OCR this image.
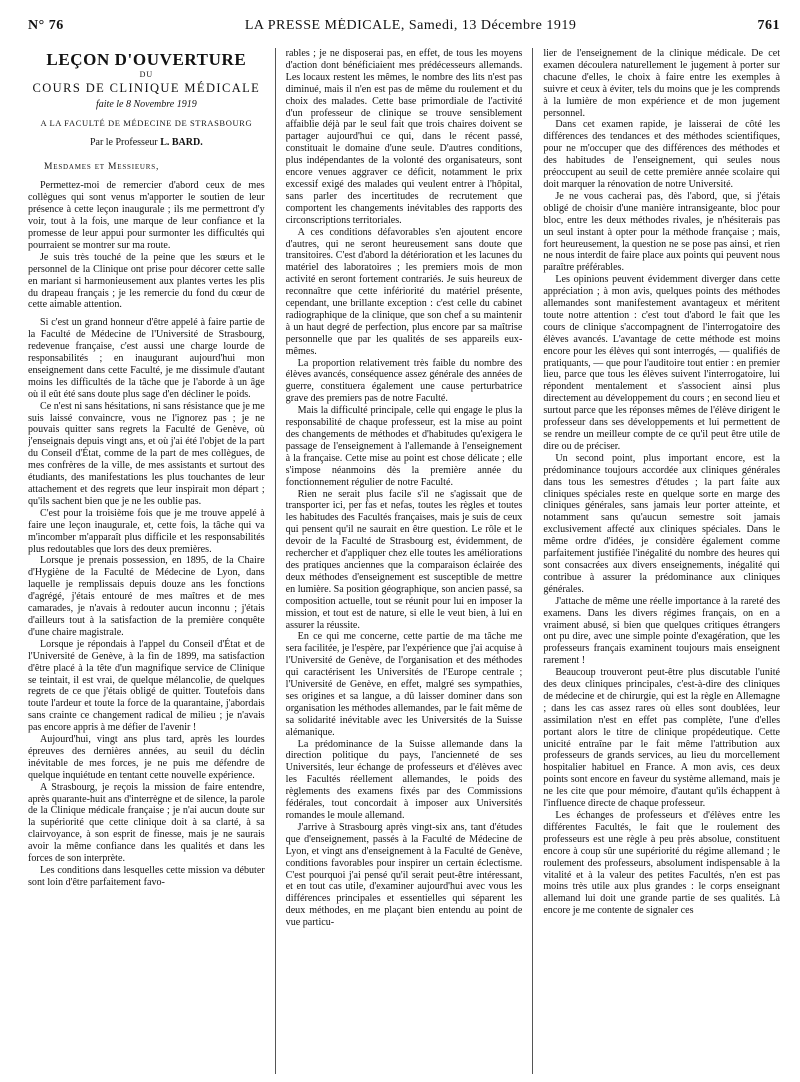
N° 76	LA PRESSE MÉDICALE, Samedi, 13 Décembre 1919	761
LEÇON D'OUVERTURE
DU
COURS DE CLINIQUE MÉDICALE
faite le 8 Novembre 1919
A LA FACULTÉ DE MÉDECINE DE STRASBOURG
Par le Professeur L. BARD.
Mesdames et Messieurs,

Permettez-moi de remercier d'abord ceux de mes collègues qui sont venus m'apporter le soutien de leur présence à cette leçon inaugurale ; ils me permettront d'y voir, tout à la fois, une marque de leur confiance et la promesse de leur appui pour surmonter les difficultés qui pourraient se montrer sur ma route.

Je suis très touché de la peine que les sœurs et le personnel de la Clinique ont prise pour décorer cette salle en mariant si harmonieusement aux plantes vertes les plis du drapeau français ; je les remercie du fond du cœur de cette aimable attention.

Si c'est un grand honneur d'être appelé à faire partie de la Faculté de Médecine de l'Université de Strasbourg, redevenue française, c'est aussi une charge lourde de responsabilités ; en inaugurant aujourd'hui mon enseignement dans cette Faculté, je me dissimule d'autant moins les difficultés de la tâche que je l'aborde à un âge où il eût été sans doute plus sage d'en décliner le poids.

Ce n'est ni sans hésitations, ni sans résistance que je me suis laissé convaincre, vous ne l'ignorez pas ; je ne pouvais quitter sans regrets la Faculté de Genève, où j'enseignais depuis vingt ans, et où j'ai été l'objet de la part du Conseil d'État, comme de la part de mes collègues, de mes confrères de la ville, de mes assistants et surtout des étudiants, des manifestations les plus touchantes de leur attachement et des regrets que leur inspirait mon départ ; qu'ils sachent bien que je ne les oublie pas.

C'est pour la troisième fois que je me trouve appelé à faire une leçon inaugurale, et, cette fois, la tâche qui va m'incomber m'apparaît plus difficile et les responsabilités plus redoutables que lors des deux premières.

Lorsque je prenais possession, en 1895, de la Chaire d'Hygiène de la Faculté de Médecine de Lyon, dans laquelle je remplissais depuis douze ans les fonctions d'agrégé, j'étais entouré de mes maîtres et de mes camarades, je n'avais à redouter aucun inconnu ; j'étais d'ailleurs tout à la satisfaction de la première conquête d'une chaire magistrale.

Lorsque je répondais à l'appel du Conseil d'État et de l'Université de Genève, à la fin de 1899, ma satisfaction d'être placé à la tête d'un magnifique service de Clinique se teintait, il est vrai, de quelque mélancolie, de quelques regrets de ce que j'étais obligé de quitter. Toutefois dans toute l'ardeur et toute la force de la quarantaine, j'abordais sans crainte ce changement radical de milieu ; je n'avais pas encore appris à me défier de l'avenir !

Aujourd'hui, vingt ans plus tard, après les lourdes épreuves des dernières années, au seuil du déclin inévitable de mes forces, je ne puis me défendre de quelque inquiétude en tentant cette nouvelle expérience.

A Strasbourg, je reçois la mission de faire entendre, après quarante-huit ans d'interrègne et de silence, la parole de la Clinique médicale française ; je n'ai aucun doute sur la supériorité que cette clinique doit à sa clarté, à sa clairvoyance, à son esprit de finesse, mais je ne saurais avoir la même confiance dans les qualités et dans les forces de son interprète.

Les conditions dans lesquelles cette mission va débuter sont loin d'être parfaitement favo-

rables ; je ne disposerai pas, en effet, de tous les moyens d'action dont bénéficiaient mes prédécesseurs allemands. Les locaux restent les mêmes, le nombre des lits n'est pas diminué, mais il n'en est pas de même du roulement et du choix des malades. Cette base primordiale de l'activité d'un professeur de clinique se trouve sensiblement affaiblie déjà par le seul fait que trois chaires doivent se partager aujourd'hui ce qui, dans le récent passé, constituait le domaine d'une seule. D'autres conditions, plus indépendantes de la volonté des organisateurs, sont encore venues aggraver ce déficit, notamment le prix excessif exigé des malades qui veulent entrer à l'hôpital, sans parler des incertitudes de recrutement que comportent les changements inévitables des rapports des circonscriptions territoriales.

A ces conditions défavorables s'en ajoutent encore d'autres, qui ne seront heureusement sans doute que transitoires. C'est d'abord la détérioration et les lacunes du matériel des laboratoires ; les premiers mois de mon activité en seront fortement contrariés. Je suis heureux de reconnaître que cette infériorité du matériel présente, cependant, une brillante exception : c'est celle du cabinet radiographique de la clinique, que son chef a su maintenir à un haut degré de perfection, plus encore par sa maîtrise personnelle que par les qualités de ses appareils eux-mêmes.

La proportion relativement très faible du nombre des élèves avancés, conséquence assez générale des années de guerre, constituera également une cause perturbatrice grave des premiers pas de notre Faculté.

Mais la difficulté principale, celle qui engage le plus la responsabilité de chaque professeur, est la mise au point des changements de méthodes et d'habitudes qu'exigera le passage de l'enseignement à l'allemande à l'enseignement à la française. Cette mise au point est chose délicate ; elle s'impose néanmoins dès la première année du fonctionnement régulier de notre Faculté.

Rien ne serait plus facile s'il ne s'agissait que de transporter ici, per fas et nefas, toutes les règles et toutes les habitudes des Facultés françaises, mais je suis de ceux qui pensent qu'il ne saurait en être question. Le rôle et le devoir de la Faculté de Strasbourg est, évidemment, de rechercher et d'appliquer chez elle toutes les améliorations des pratiques anciennes que la comparaison éclairée des deux méthodes d'enseignement est susceptible de mettre en lumière. Sa position géographique, son ancien passé, sa composition actuelle, tout se réunit pour lui en imposer la mission, et tout est de nature, si elle le veut bien, à lui en assurer la réussite.

En ce qui me concerne, cette partie de ma tâche me sera facilitée, je l'espère, par l'expérience que j'ai acquise à l'Université de Genève, de l'organisation et des méthodes qui caractérisent les Universités de l'Europe centrale ; l'Université de Genève, en effet, malgré ses sympathies, ses origines et sa langue, a dû laisser dominer dans son organisation les méthodes allemandes, par le fait même de sa solidarité inévitable avec les Universités de la Suisse alémanique.

La prédominance de la Suisse allemande dans la direction politique du pays, l'ancienneté de ses Universités, leur échange de professeurs et d'élèves avec les Facultés réellement allemandes, le poids des règlements des examens fixés par des Commissions fédérales, tout concordait à imposer aux Universités romandes le moule allemand.

J'arrive à Strasbourg après vingt-six ans, tant d'études que d'enseignement, passés à la Faculté de Médecine de Lyon, et vingt ans d'enseignement à la Faculté de Genève, conditions favorables pour inspirer un certain éclectisme. C'est pourquoi j'ai pensé qu'il serait peut-être intéressant, et en tout cas utile, d'examiner aujourd'hui avec vous les différences principales et essentielles qui séparent les deux méthodes, en me plaçant bien entendu au point de vue particu-

lier de l'enseignement de la clinique médicale. De cet examen découlera naturellement le jugement à porter sur chacune d'elles, le choix à faire entre les exemples à suivre et ceux à éviter, tels du moins que je les comprends à la lumière de mon expérience et de mon jugement personnel.

Dans cet examen rapide, je laisserai de côté les différences des tendances et des méthodes scientifiques, pour ne m'occuper que des différences des méthodes et des habitudes de l'enseignement, qui seules nous préoccupent au seuil de cette première année scolaire qui doit marquer la rénovation de notre Université.

Je ne vous cacherai pas, dès l'abord, que, si j'étais obligé de choisir d'une manière intransigeante, bloc pour bloc, entre les deux méthodes rivales, je n'hésiterais pas un seul instant à opter pour la méthode française ; mais, fort heureusement, la question ne se pose pas ainsi, et rien ne nous interdit de faire place aux points qui peuvent nous paraître préférables.

Les opinions peuvent évidemment diverger dans cette appréciation ; à mon avis, quelques points des méthodes allemandes sont manifestement avantageux et méritent toute notre attention : c'est tout d'abord le fait que les cours de clinique s'accompagnent de l'interrogatoire des élèves avancés. L'avantage de cette méthode est moins encore pour les élèves qui sont interrogés, — qualifiés de pratiquants, — que pour l'auditoire tout entier : en premier lieu, parce que tous les élèves suivent l'interrogatoire, lui répondent mentalement et s'associent ainsi plus directement au développement du cours ; en second lieu et surtout parce que les réponses mêmes de l'élève dirigent le professeur dans ses développements et lui permettent de se rendre un meilleur compte de ce qu'il peut être utile de dire ou de préciser.

Un second point, plus important encore, est la prédominance toujours accordée aux cliniques générales dans tous les semestres d'études ; la part faite aux cliniques spéciales reste en quelque sorte en marge des cliniques générales, sans jamais leur porter atteinte, et notamment sans qu'aucun semestre soit jamais exclusivement affecté aux cliniques spéciales. Dans le même ordre d'idées, je considère également comme parfaitement justifiée l'inégalité du nombre des heures qui sont consacrées aux divers enseignements, inégalité qui contribue à assurer la prédominance aux cliniques générales.

J'attache de même une réelle importance à la rareté des examens. Dans les divers régimes français, on en a vraiment abusé, si bien que quelques critiques étrangers ont pu dire, avec une simple pointe d'exagération, que les professeurs français examinent toujours mais enseignent rarement !

Beaucoup trouveront peut-être plus discutable l'unité des deux cliniques principales, c'est-à-dire des cliniques de médecine et de chirurgie, qui est la règle en Allemagne ; dans les cas assez rares où elles sont doublées, leur assimilation n'est en effet pas complète, l'une d'elles portant alors le titre de clinique propédeutique. Cette unicité entraîne par le fait même l'attribution aux professeurs de grands services, au lieu du morcellement hospitalier habituel en France. A mon avis, ces deux points sont encore en faveur du système allemand, mais je ne les cite que pour mémoire, d'autant qu'ils échappent à l'influence directe de chaque professeur.

Les échanges de professeurs et d'élèves entre les différentes Facultés, le fait que le roulement des professeurs est une règle à peu près absolue, constituent encore à coup sûr une supériorité du régime allemand ; le roulement des professeurs, absolument indispensable à la vitalité et à la valeur des petites Facultés, n'en est pas moins très utile aux plus grandes : le corps enseignant allemand lui doit une grande partie de ses qualités. Là encore je me contente de signaler ces
